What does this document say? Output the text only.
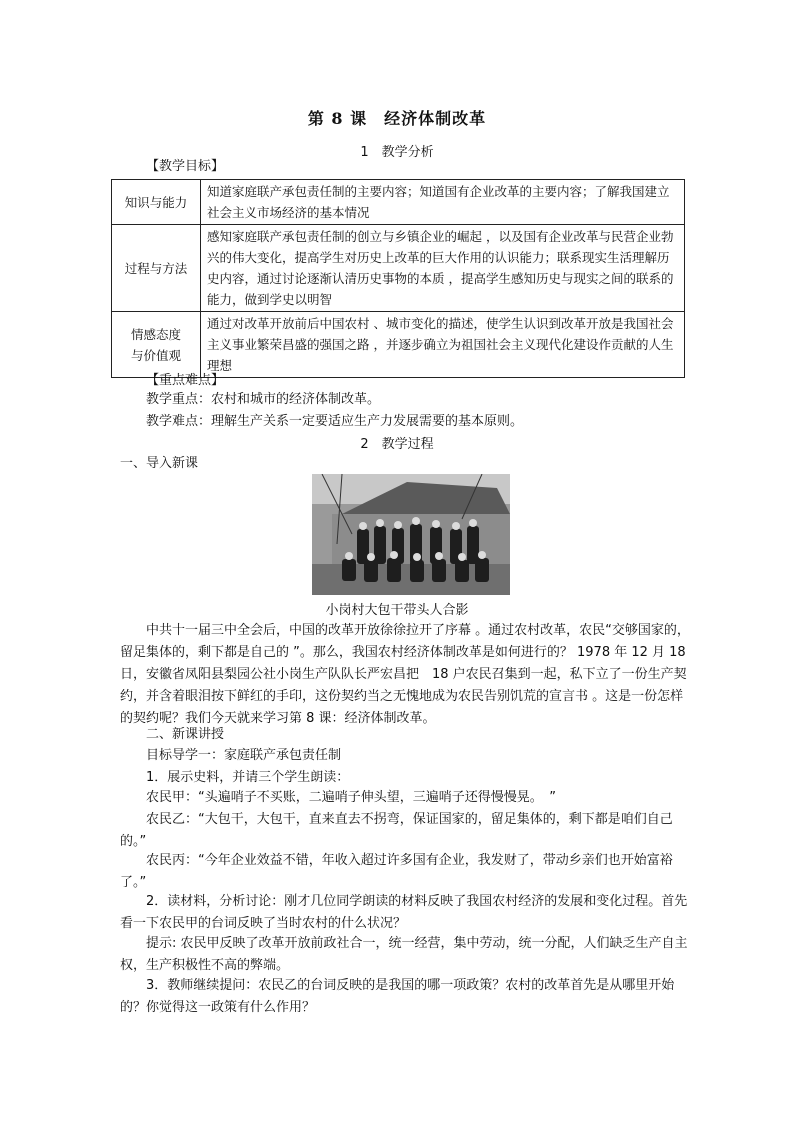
第 8 课　经济体制改革
1　教学分析
【教学目标】
知识与能力	知道家庭联产承包责任制的主要内容；知道国有企业改革的主要内容；了解我国建立社会主义市场经济的基本情况
过程与方法	感知家庭联产承包责任制的创立与乡镇企业的崛起 ，以及国有企业改革与民营企业勃兴的伟大变化，提高学生对历史上改革的巨大作用的认识能力；联系现实生活理解历史内容，通过讨论逐渐认清历史事物的本质 ，提高学生感知历史与现实之间的联系的能力，做到学史以明智

情感态度
与价值观	通过对改革开放前后中国农村 、城市变化的描述，使学生认识到改革开放是我国社会主义事业繁荣昌盛的强国之路 ，并逐步确立为祖国社会主义现代化建设作贡献的人生理想
【重点难点】
教学重点：农村和城市的经济体制改革。
教学难点：理解生产关系一定要适应生产力发展需要的基本原则。
2　教学过程
一、导入新课
小岗村大包干带头人合影
中共十一届三中全会后，中国的改革开放徐徐拉开了序幕 。通过农村改革，农民“交够国家的，留足集体的，剩下都是自己的 ”。那么，我国农村经济体制改革是如何进行的？ 1978 年 12 月 18 日，安徽省凤阳县梨园公社小岗生产队队长严宏昌把　18 户农民召集到一起，私下立了一份生产契约，并含着眼泪按下鲜红的手印，这份契约当之无愧地成为农民告别饥荒的宣言书 。这是一份怎样的契约呢？我们今天就来学习第 8 课：经济体制改革。
二、新课讲授
目标导学一：家庭联产承包责任制
1．展示史料，并请三个学生朗读：
农民甲：“头遍哨子不买账，二遍哨子伸头望，三遍哨子还得慢慢晃。　”
农民乙：“大包干，大包干，直来直去不拐弯，保证国家的，留足集体的，剩下都是咱们自己的。”
农民丙：“今年企业效益不错，年收入超过许多国有企业，我发财了，带动乡亲们也开始富裕了。”
2．读材料，分析讨论：刚才几位同学朗读的材料反映了我国农村经济的发展和变化过程。首先看一下农民甲的台词反映了当时农村的什么状况？
提示: 农民甲反映了改革开放前政社合一，统一经营，集中劳动，统一分配，人们缺乏生产自主权，生产积极性不高的弊端。
3．教师继续提问：农民乙的台词反映的是我国的哪一项政策？农村的改革首先是从哪里开始的？你觉得这一政策有什么作用？
